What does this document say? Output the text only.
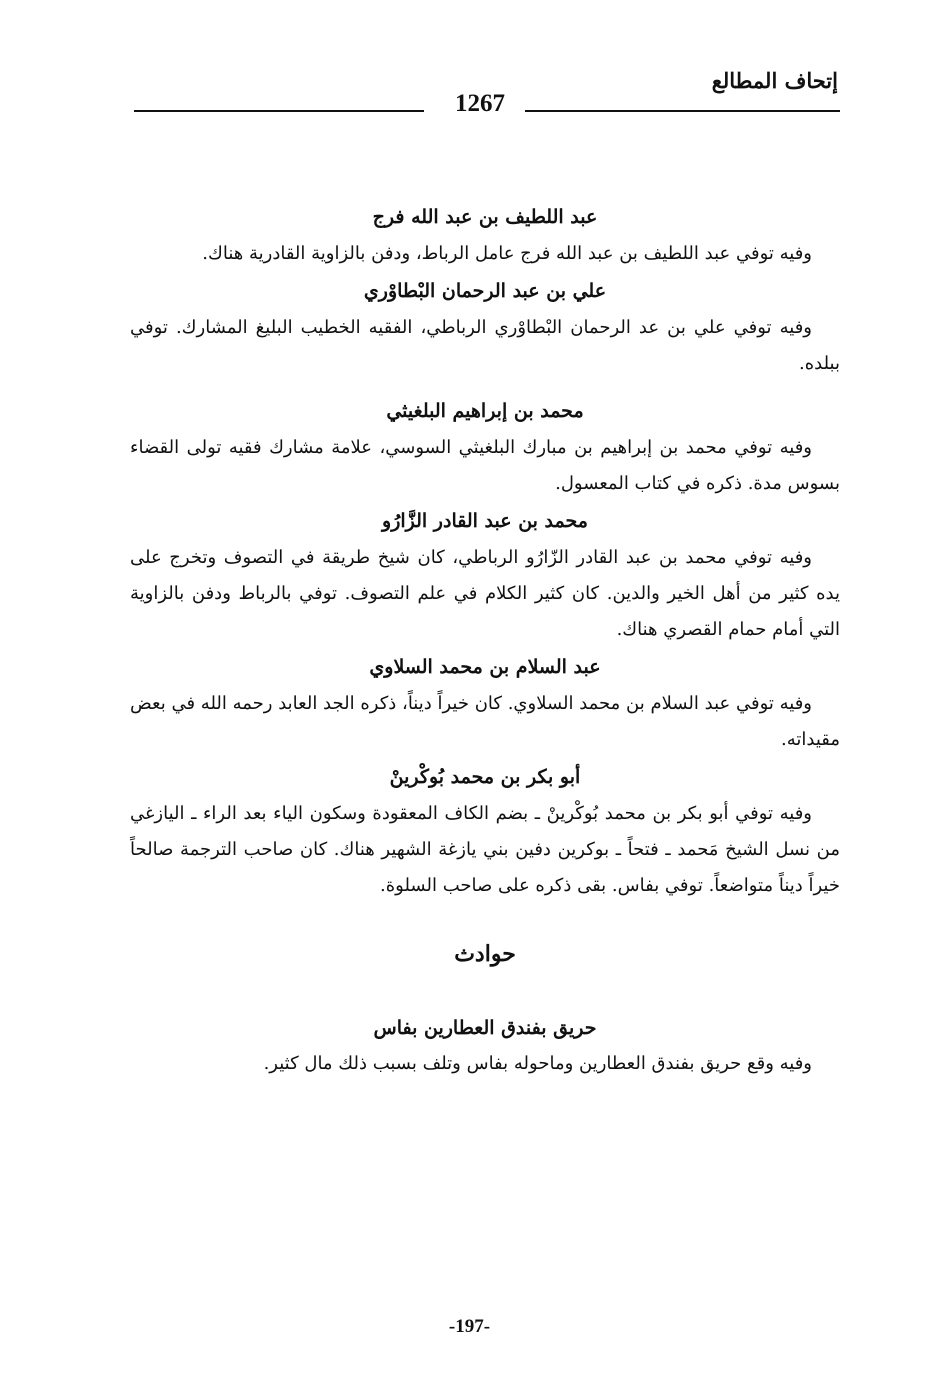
إتحاف المطالع
1267

عبد اللطيف بن عبد الله فرج

وفيه توفي عبد اللطيف بن عبد الله فرج عامل الرباط، ودفن بالزاوية القادرية هناك.

علي بن عبد الرحمان البْطاوْري

وفيه توفي علي بن عد الرحمان البْطاوْري الرباطي، الفقيه الخطيب البليغ المشارك. توفي ببلده.

محمد بن إبراهيم البلغيثي

وفيه توفي محمد بن إبراهيم بن مبارك البلغيثي السوسي، علامة مشارك فقيه تولى القضاء بسوس مدة. ذكره في كتاب المعسول.

محمد بن عبد القادر الزَّارُو

وفيه توفي محمد بن عبد القادر الزّارُو الرباطي، كان شيخ طريقة في التصوف وتخرج على يده كثير من أهل الخير والدين. كان كثير الكلام في علم التصوف. توفي بالرباط ودفن بالزاوية التي أمام حمام القصري هناك.

عبد السلام بن محمد السلاوي

وفيه توفي عبد السلام بن محمد السلاوي. كان خيراً ديناً، ذكره الجد العابد رحمه الله في بعض مقيداته.

أبو بكر بن محمد بُوكْرينْ

وفيه توفي أبو بكر بن محمد بُوكْرينْ ـ بضم الكاف المعقودة وسكون الياء بعد الراء ـ اليازغي من نسل الشيخ مَحمد ـ فتحاً ـ بوكرين دفين بني يازغة الشهير هناك. كان صاحب الترجمة صالحاً خيراً ديناً متواضعاً. توفي بفاس. بقى ذكره على صاحب السلوة.

حوادث

حريق بفندق العطارين بفاس

وفيه وقع حريق بفندق العطارين وماحوله بفاس وتلف بسبب ذلك مال كثير.

-197-
